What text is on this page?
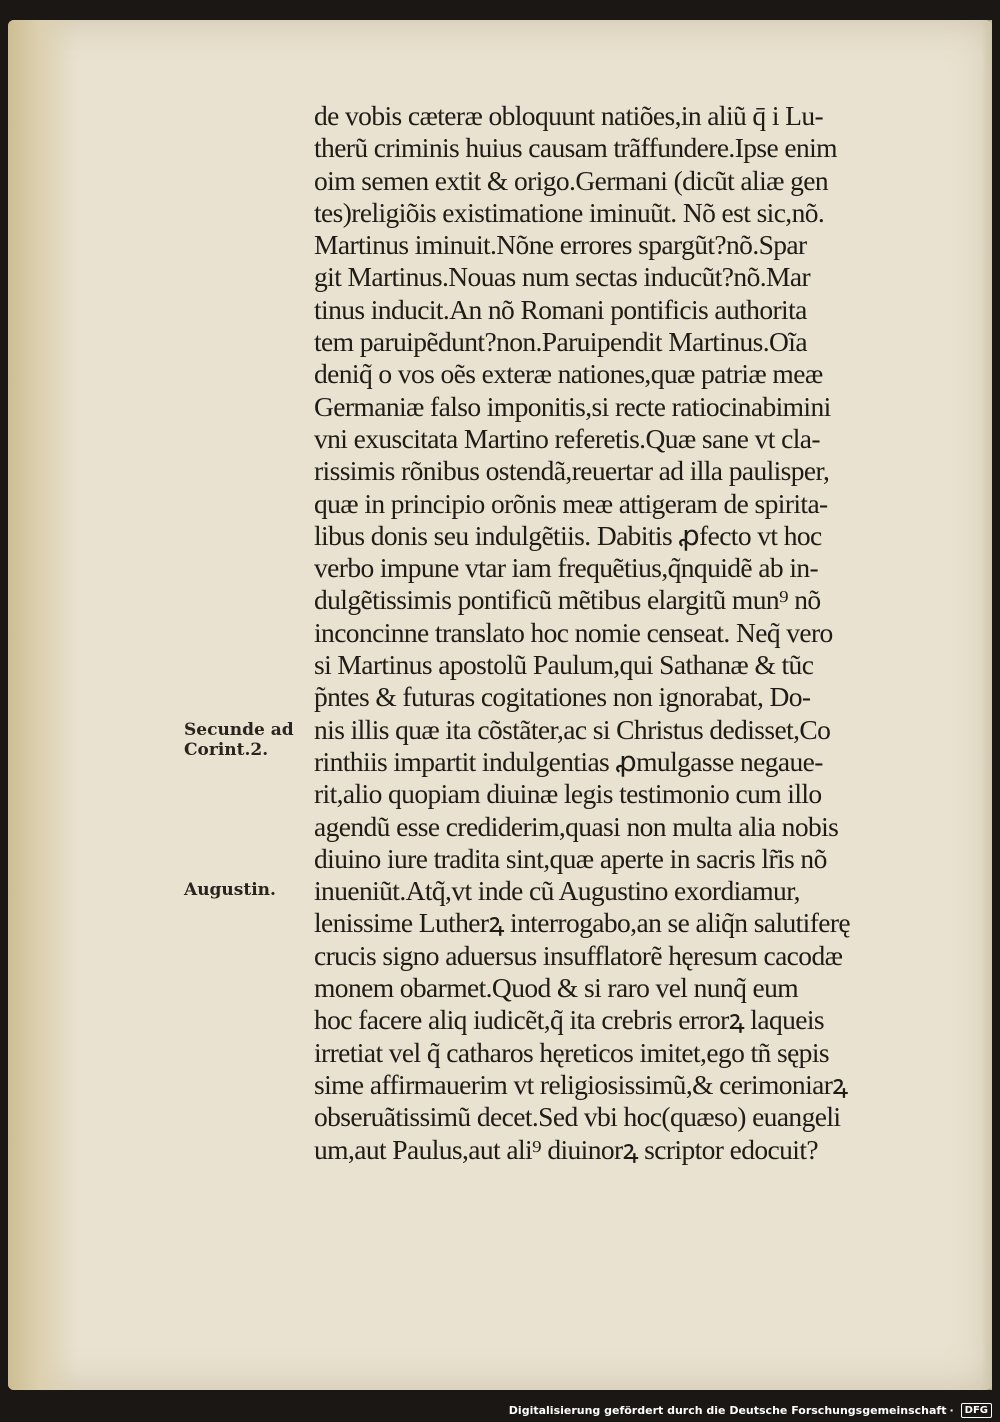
Secunde ad
Corint.2.
Augustin.
de vobis cæteræ obloquunt natiões,in aliũ q̄ i Lu-
therũ criminis huius causam trãffundere.Ipse enim
oim semen extit & origo.Germani (dicũt aliæ gen
tes)religiõis existimatione iminuũt. Nõ est sic,nõ.
Martinus iminuit.Nõne errores spargũt?nõ.Spar
git Martinus.Nouas num sectas inducũt?nõ.Mar
tinus inducit.An nõ Romani pontificis authorita
tem paruipẽdunt?non.Paruipendit Martinus.Oĩa
deniq̃ o vos oẽs exteræ nationes,quæ patriæ meæ
Germaniæ falso imponitis,si recte ratiocinabimini
vni exuscitata Martino referetis.Quæ sane vt cla-
rissimis rõnibus ostendã,reuertar ad illa paulisper,
quæ in principio orõnis meæ attigeram de spirita-
libus donis seu indulgẽtiis. Dabitis ꝓfecto vt hoc
verbo impune vtar iam frequẽtius,q̃nquidẽ ab in-
dulgẽtissimis pontificũ mẽtibus elargitũ mun⁹ nõ
inconcinne translato hoc nomie censeat. Neq̃ vero
si Martinus apostolũ Paulum,qui Sathanæ & tũc
p̃ntes & futuras cogitationes non ignorabat, Do-
nis illis quæ ita cõstãter,ac si Christus dedisset,Co
rinthiis impartit indulgentias ꝓmulgasse negaue-
rit,alio quopiam diuinæ legis testimonio cum illo
agendũ esse crediderim,quasi non multa alia nobis
diuino iure tradita sint,quæ aperte in sacris lr̃is nõ
inueniũt.Atq̃,vt inde cũ Augustino exordiamur,
lenissime Lutherꝝ interrogabo,an se aliq̃n salutiferę
crucis signo aduersus insufflatorẽ hęresum cacodæ
monem obarmet.Quod & si raro vel nunq̃ eum
hoc facere aliq iudicẽt,q̃ ita crebris errorꝝ laqueis
irretiat vel q̃ catharos hęreticos imitet,ego tñ sępis
sime affirmauerim vt religiosissimũ,& cerimoniarꝝ
obseruãtissimũ decet.Sed vbi hoc(quæso) euangeli
um,aut Paulus,aut ali⁹ diuinorꝝ scriptor edocuit?
Digitalisierung gefördert durch die Deutsche Forschungsgemeinschaft ·	DFG
